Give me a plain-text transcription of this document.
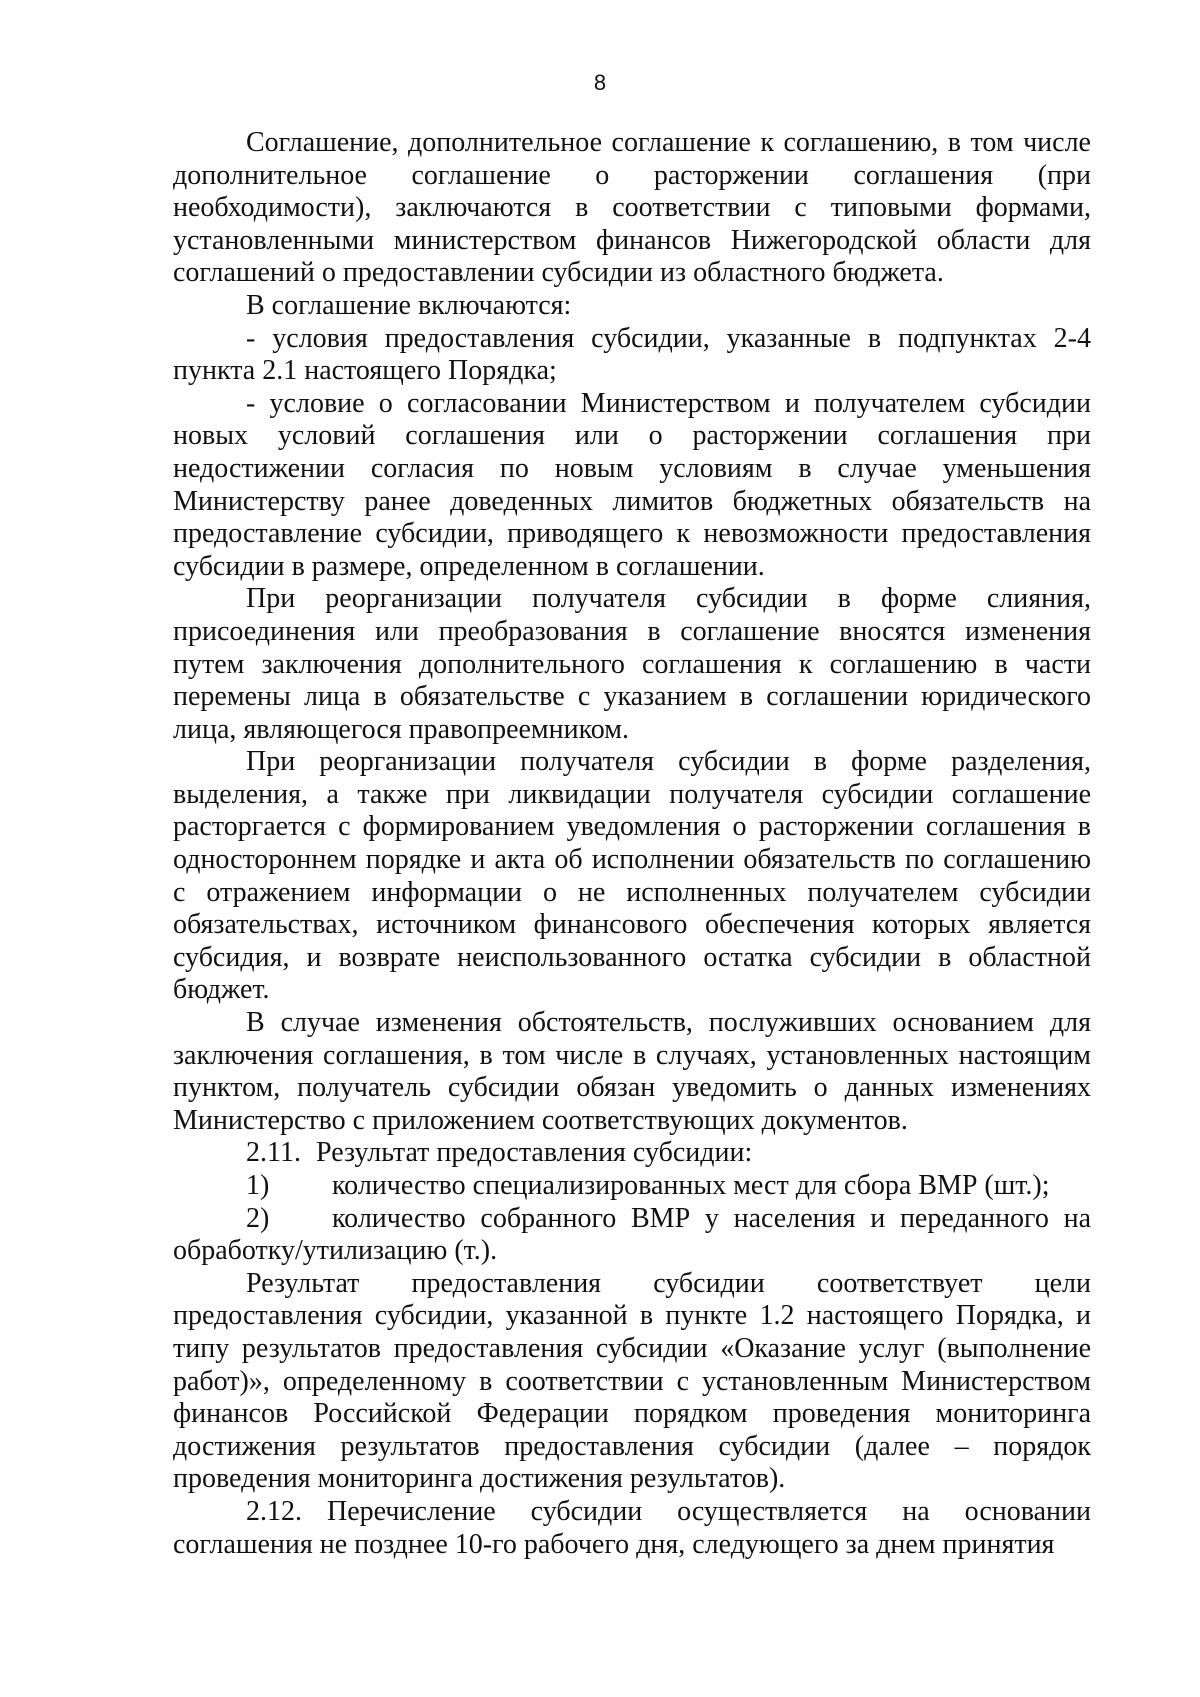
8

Соглашение, дополнительное соглашение к соглашению, в том числе дополнительное соглашение о расторжении соглашения (при необходимости), заключаются в соответствии с типовыми формами, установленными министерством финансов Нижегородской области для соглашений о предоставлении субсидии из областного бюджета.

В соглашение включаются:

- условия предоставления субсидии, указанные в подпунктах 2-4 пункта 2.1 настоящего Порядка;

- условие о согласовании Министерством и получателем субсидии новых условий соглашения или о расторжении соглашения при недостижении согласия по новым условиям в случае уменьшения Министерству ранее доведенных лимитов бюджетных обязательств на предоставление субсидии, приводящего к невозможности предоставления субсидии в размере, определенном в соглашении.

При реорганизации получателя субсидии в форме слияния, присоединения или преобразования в соглашение вносятся изменения путем заключения дополнительного соглашения к соглашению в части перемены лица в обязательстве с указанием в соглашении юридического лица, являющегося правопреемником.

При реорганизации получателя субсидии в форме разделения, выделения, а также при ликвидации получателя субсидии соглашение расторгается с формированием уведомления о расторжении соглашения в одностороннем порядке и акта об исполнении обязательств по соглашению с отражением информации о не исполненных получателем субсидии обязательствах, источником финансового обеспечения которых является субсидия, и возврате неиспользованного остатка субсидии в областной бюджет.

В случае изменения обстоятельств, послуживших основанием для заключения соглашения, в том числе в случаях, установленных настоящим пунктом, получатель субсидии обязан уведомить о данных изменениях Министерство с приложением соответствующих документов.

2.11. Результат предоставления субсидии:

1) количество специализированных мест для сбора ВМР (шт.);

2) количество собранного ВМР у населения и переданного на обработку/утилизацию (т.).

Результат предоставления субсидии соответствует цели предоставления субсидии, указанной в пункте 1.2 настоящего Порядка, и типу результатов предоставления субсидии «Оказание услуг (выполнение работ)», определенному в соответствии с установленным Министерством финансов Российской Федерации порядком проведения мониторинга достижения результатов предоставления субсидии (далее – порядок проведения мониторинга достижения результатов).

2.12. Перечисление субсидии осуществляется на основании соглашения не позднее 10-го рабочего дня, следующего за днем принятия
